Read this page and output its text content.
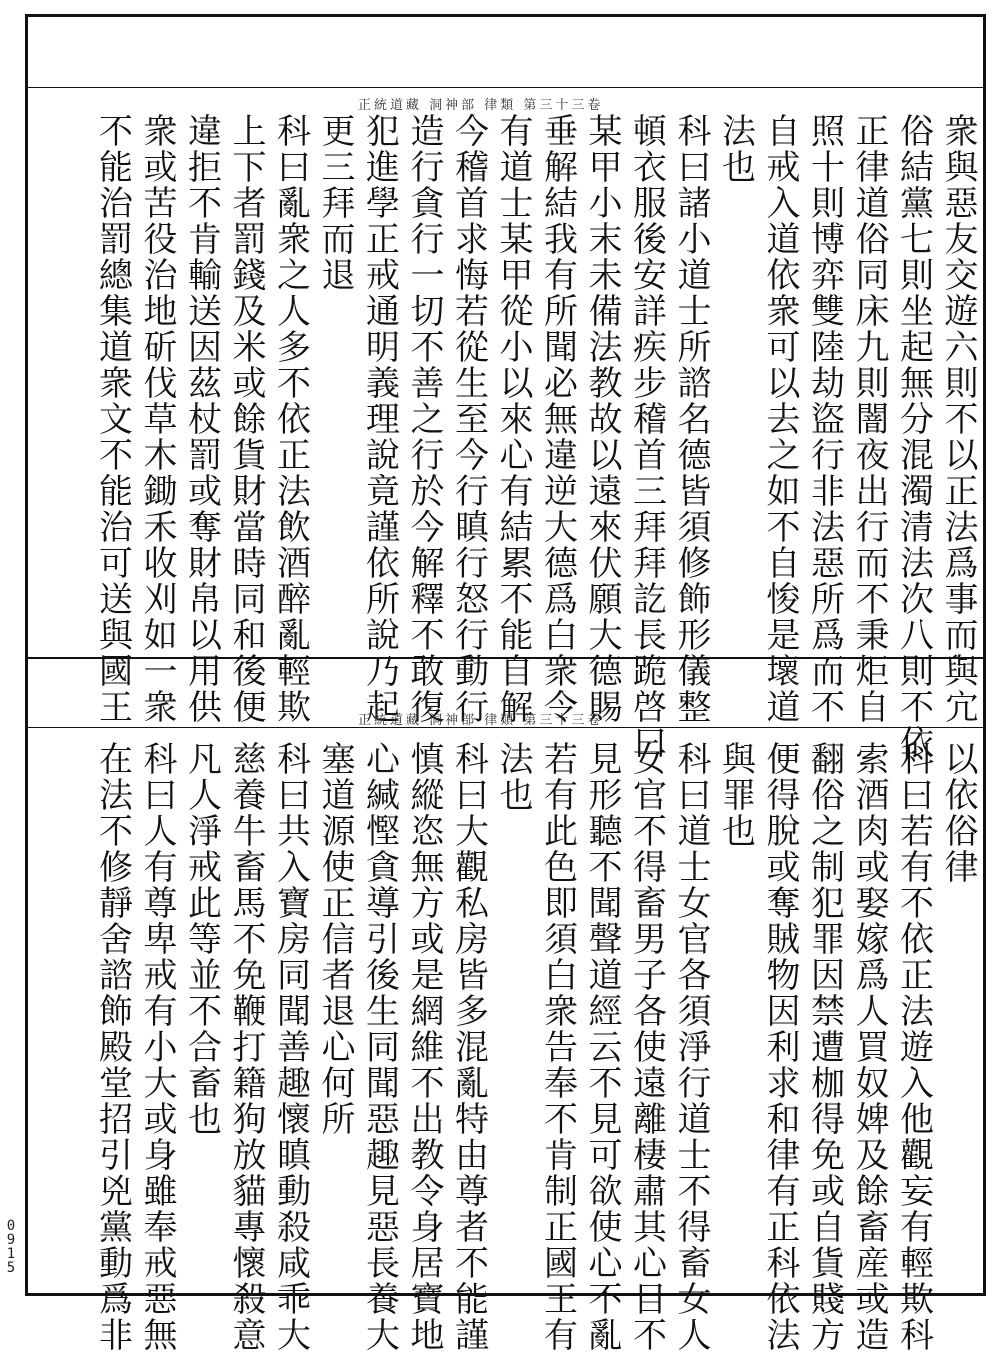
正統道藏 洞神部 律類 第三十三卷
衆與惡友交遊六則不以正法爲事而與宂
俗結黨七則坐起無分混濁清法次八則不依
正律道俗同床九則闇夜出行而不秉炬自
照十則博弈雙陸劫盜行非法惡所爲而不
自戒入道依衆可以去之如不自悛是壞道
法也
科曰諸小道士所諮名德皆須修飾形儀整
頓衣服後安詳疾步稽首三拜拜訖長跪啓曰
某甲小末未備法教故以遠來伏願大德賜
垂解結我有所聞必無違逆大德爲白衆令
有道士某甲從小以來心有結累不能自解
今稽首求悔若從生至今行瞋行怒行動行
造行貪行一切不善之行於今解釋不敢復
犯進學正戒通明義理說竟謹依所說乃起
更三拜而退
科曰亂衆之人多不依正法飲酒醉亂輕欺
上下者罰錢及米或餘貨財當時同和後便
違拒不肯輸送因茲杖罰或奪財帛以用供
衆或苦役治地斫伐草木鋤禾收刈如一衆
不能治罰總集道衆文不能治可送與國王	正統道藏 洞神部 律類 第三十三卷
以依俗律
科曰若有不依正法遊入他觀妄有輕欺科
索酒肉或娶嫁爲人買奴婢及餘畜産或造
翻俗之制犯罪因禁遭枷得免或自貨賤方
便得脫或奪賊物因利求和律有正科依法
與罪也
科曰道士女官各須淨行道士不得畜女人
女官不得畜男子各使遠離棲肅其心目不
見形聽不聞聲道經云不見可欲使心不亂
若有此色即須白衆告奉不肯制正國王有
法也
科曰大觀私房皆多混亂特由尊者不能謹
慎縱恣無方或是網維不出教令身居寶地
心緘慳貪導引後生同聞惡趣見惡長養大
塞道源使正信者退心何所
科曰共入寶房同聞善趣懷瞋動殺咸乖大
慈養牛畜馬不免鞭打籍狗放貓專懷殺意
凡人淨戒此等並不合畜也
科曰人有尊卑戒有小大或身雖奉戒惡無
在法不修靜舍諮飾殿堂招引兇黨動爲非
0915
